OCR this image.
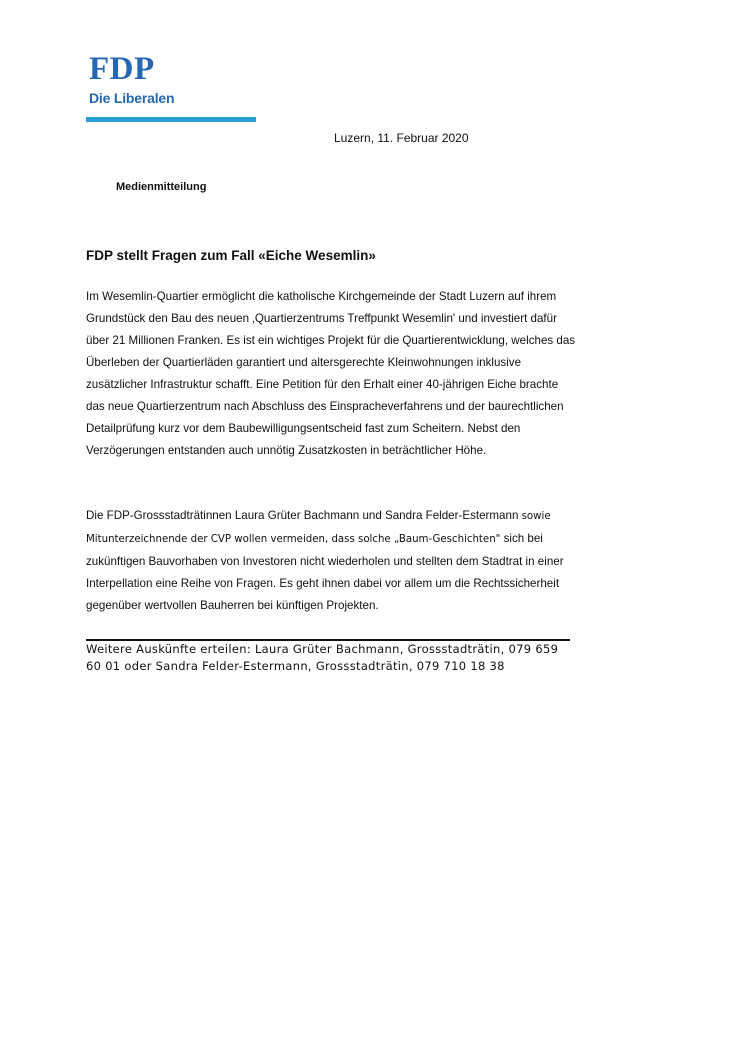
FDP
Die Liberalen
Luzern, 11. Februar 2020
Medienmitteilung
FDP stellt Fragen zum Fall «Eiche Wesemlin»

Im Wesemlin-Quartier ermöglicht die katholische Kirchgemeinde der Stadt Luzern auf ihrem Grundstück den Bau des neuen ‚Quartierzentrums Treffpunkt Wesemlin' und investiert dafür über 21 Millionen Franken. Es ist ein wichtiges Projekt für die Quartierentwicklung, welches das Überleben der Quartierläden garantiert und altersgerechte Kleinwohnungen inklusive zusätzlicher Infrastruktur schafft. Eine Petition für den Erhalt einer 40-jährigen Eiche brachte das neue Quartierzentrum nach Abschluss des Einspracheverfahrens und der baurechtlichen Detailprüfung kurz vor dem Baubewilligungsentscheid fast zum Scheitern. Nebst den Verzögerungen entstanden auch unnötig Zusatzkosten in beträchtlicher Höhe.

Die FDP-Grossstadträtinnen Laura Grüter Bachmann und Sandra Felder-Estermann sowie Mitunterzeichnende der CVP wollen vermeiden, dass solche „Baum-Geschichten" sich bei zukünftigen Bauvorhaben von Investoren nicht wiederholen und stellten dem Stadtrat in einer Interpellation eine Reihe von Fragen. Es geht ihnen dabei vor allem um die Rechtssicherheit gegenüber wertvollen Bauherren bei künftigen Projekten.

Weitere Auskünfte erteilen: Laura Grüter Bachmann, Grossstadträtin, 079 659 60 01 oder Sandra Felder-Estermann, Grossstadträtin, 079 710 18 38
